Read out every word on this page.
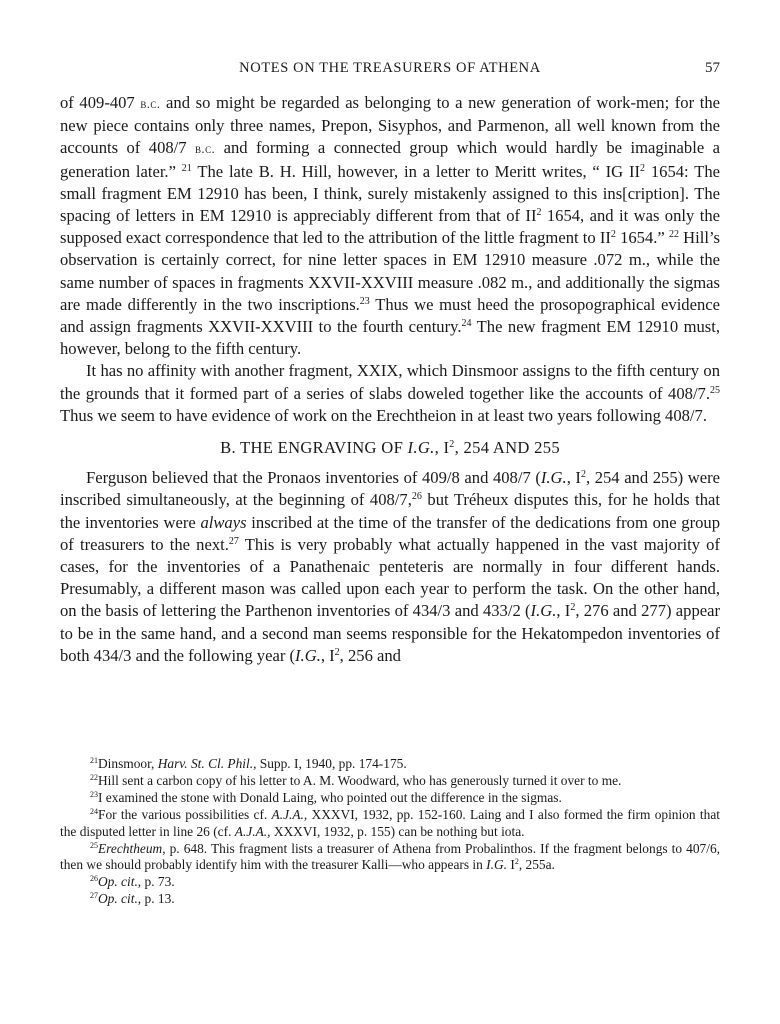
NOTES ON THE TREASURERS OF ATHENA	57

of 409-407 b.c. and so might be regarded as belonging to a new generation of work-men; for the new piece contains only three names, Prepon, Sisyphos, and Parmenon, all well known from the accounts of 408/7 b.c. and forming a connected group which would hardly be imaginable a generation later.” $^{21}$ The late B. H. Hill, however, in a letter to Meritt writes, “ IG $II^2$ 1654: The small fragment EM 12910 has been, I think, surely mistakenly assigned to this ins[cription]. The spacing of letters in EM 12910 is appreciably different from that of $II^2$ 1654, and it was only the supposed exact correspondence that led to the attribution of the little fragment to $II^2$ 1654.” $^{22}$ Hill’s observation is certainly correct, for nine letter spaces in EM 12910 measure .072 m., while the same number of spaces in fragments XXVII-XXVIII measure .082 m., and additionally the sigmas are made differently in the two inscriptions.$^{23}$ Thus we must heed the prosopographical evidence and assign fragments XXVII-XXVIII to the fourth century.$^{24}$ The new fragment EM 12910 must, however, belong to the fifth century.

It has no affinity with another fragment, XXIX, which Dinsmoor assigns to the fifth century on the grounds that it formed part of a series of slabs doweled together like the accounts of 408/7.25 Thus we seem to have evidence of work on the Erechtheion in at least two years following 408/7.

B. THE ENGRAVING OF I.G., $I^2$, 254 AND 255

Ferguson believed that the Pronaos inventories of 409/8 and 408/7 (I.G., $I^2$, 254 and 255) were inscribed simultaneously, at the beginning of 408/7,26 but Tréheux disputes this, for he holds that the inventories were always inscribed at the time of the transfer of the dedications from one group of treasurers to the next.$^{27}$ This is very probably what actually happened in the vast majority of cases, for the inventories of a Panathenaic penteteris are normally in four different hands. Presumably, a different mason was called upon each year to perform the task. On the other hand, on the basis of lettering the Parthenon inventories of 434/3 and 433/2 (I.G., $I^2$, 276 and 277) appear to be in the same hand, and a second man seems responsible for the Hekatompedon inventories of both 434/3 and the following year (I.G., $I^2$, 256 and

$^{21}$Dinsmoor, Harv. St. Cl. Phil., Supp. I, 1940, pp. 174-175.

$^{22}$Hill sent a carbon copy of his letter to A. M. Woodward, who has generously turned it over to me.

$^{23}$I examined the stone with Donald Laing, who pointed out the difference in the sigmas.

$^{24}$For the various possibilities cf. A.J.A., XXXVI, 1932, pp. 152-160. Laing and I also formed the firm opinion that the disputed letter in line 26 (cf. A.J.A., XXXVI, 1932, p. 155) can be nothing but iota.

$^{25}$Erechtheum, p. 648. This fragment lists a treasurer of Athena from Probalinthos. If the fragment belongs to 407/6, then we should probably identify him with the treasurer Kalli—who appears in I.G. $I^2$, 255a.

$^{26}$Op. cit., p. 73.

$^{27}$Op. cit., p. 13.
